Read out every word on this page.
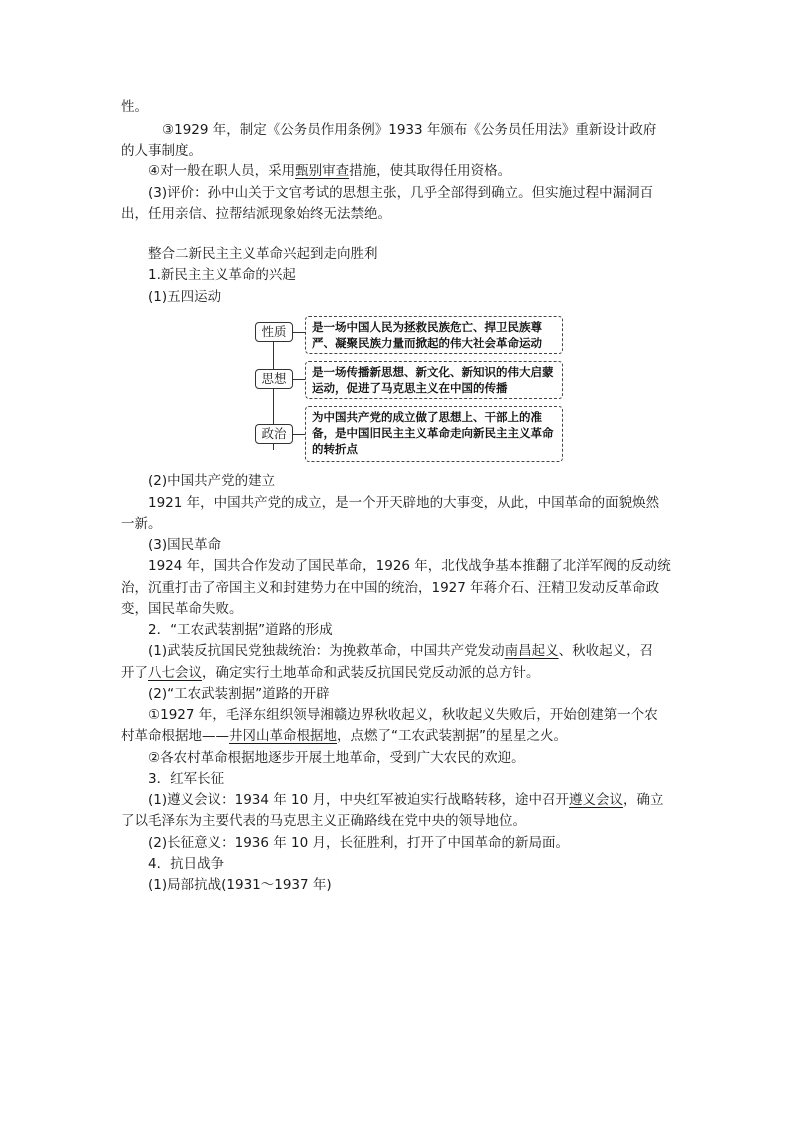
性。
③1929 年，制定《公务员作用条例》1933 年颁布《公务员任用法》重新设计政府
的人事制度。
④对一般在职人员，采用甄别审查措施，使其取得任用资格。
(3)评价：孙中山关于文官考试的思想主张，几乎全部得到确立。但实施过程中漏洞百
出，任用亲信、拉帮结派现象始终无法禁绝。
整合二新民主主义革命兴起到走向胜利
1.新民主主义革命的兴起
(1)五四运动
性质	是一场中国人民为拯救民族危亡、捍卫民族尊严、凝聚民族力量而掀起的伟大社会革命运动
思想	是一场传播新思想、新文化、新知识的伟大启蒙运动，促进了马克思主义在中国的传播
政治
为中国共产党的成立做了思想上、干部上的准备，是中国旧民主主义革命走向新民主主义革命的转折点
(2)中国共产党的建立
1921 年，中国共产党的成立，是一个开天辟地的大事变，从此，中国革命的面貌焕然
一新。
(3)国民革命
1924 年，国共合作发动了国民革命，1926 年，北伐战争基本推翻了北洋军阀的反动统
治，沉重打击了帝国主义和封建势力在中国的统治，1927 年蒋介石、汪精卫发动反革命政
变，国民革命失败。
2．“工农武装割据”道路的形成
(1)武装反抗国民党独裁统治：为挽救革命，中国共产党发动南昌起义、秋收起义，召
开了八七会议，确定实行土地革命和武装反抗国民党反动派的总方针。
(2)“工农武装割据”道路的开辟
①1927 年，毛泽东组织领导湘赣边界秋收起义，秋收起义失败后，开始创建第一个农
村革命根据地——井冈山革命根据地，点燃了“工农武装割据”的星星之火。
②各农村革命根据地逐步开展土地革命，受到广大农民的欢迎。
3．红军长征
(1)遵义会议：1934 年 10 月，中央红军被迫实行战略转移，途中召开遵义会议，确立
了以毛泽东为主要代表的马克思主义正确路线在党中央的领导地位。
(2)长征意义：1936 年 10 月，长征胜利，打开了中国革命的新局面。
4．抗日战争
(1)局部抗战(1931～1937 年)
